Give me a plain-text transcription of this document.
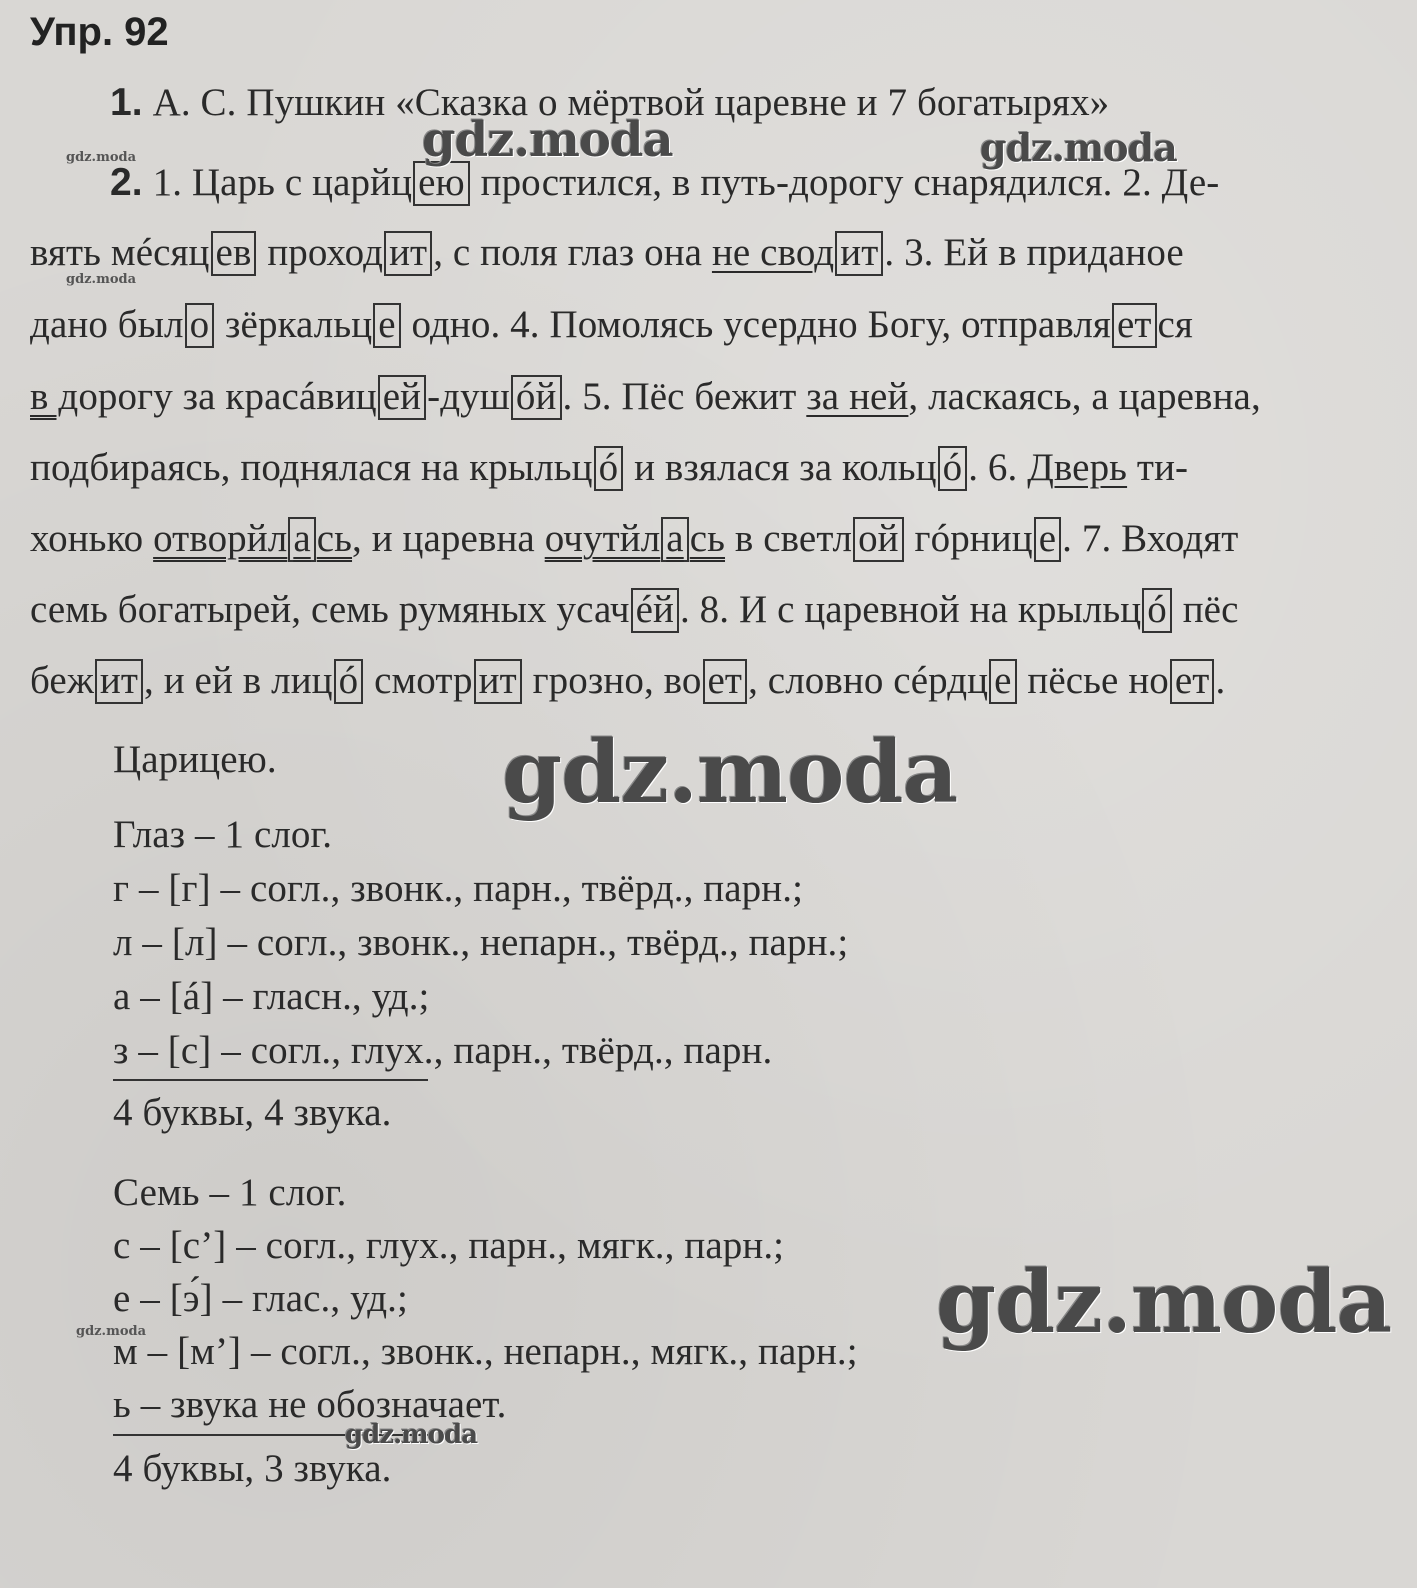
Упр. 92
1. А. С. Пушкин «Сказка о мёртвой царевне и 7 богатырях»
2. 1. Царь с царйц ею простился, в путь-дорогу снарядился. 2. Де-
вять мéсяц ев проход ит , с поля глаз она не свод ит . 3. Ей в приданое
дано был о зёркальц е одно. 4. Помолясь усердно Богу, отправля ет ся
в дорогу за красáвиц ей -душ óй . 5. Пёс бежит за ней, ласкаясь, а царевна,
подбираясь, поднялася на крыльц ó и взялася за кольц ó . 6. Дверь ти-
хонько отворйл а сь, и царевна очутйл а сь в светл ой гóрниц е . 7. Входят
семь богатырей, семь румяных усач éй . 8. И с царевной на крыльц ó пёс
беж ит , и ей в лиц ó смотр ит грозно, во ет , словно сéрдц е пёсье но ет .
Царицею.
Глаз – 1 слог.
г – [г] – согл., звонк., парн., твёрд., парн.;
л – [л] – согл., звонк., непарн., твёрд., парн.;
а – [á] – гласн., уд.;
з – [с] – согл., глух., парн., твёрд., парн.
4 буквы, 4 звука.
Семь – 1 слог.
с – [с’] – согл., глух., парн., мягк., парн.;
е – [э́] – глас., уд.;
м – [м’] – согл., звонк., непарн., мягк., парн.;
ь – звука не обозначает.
4 буквы, 3 звука.
gdz.moda	gdz.moda
gdz.moda
gdz.moda
gdz.moda
gdz.moda
gdz.moda
gdz.moda
